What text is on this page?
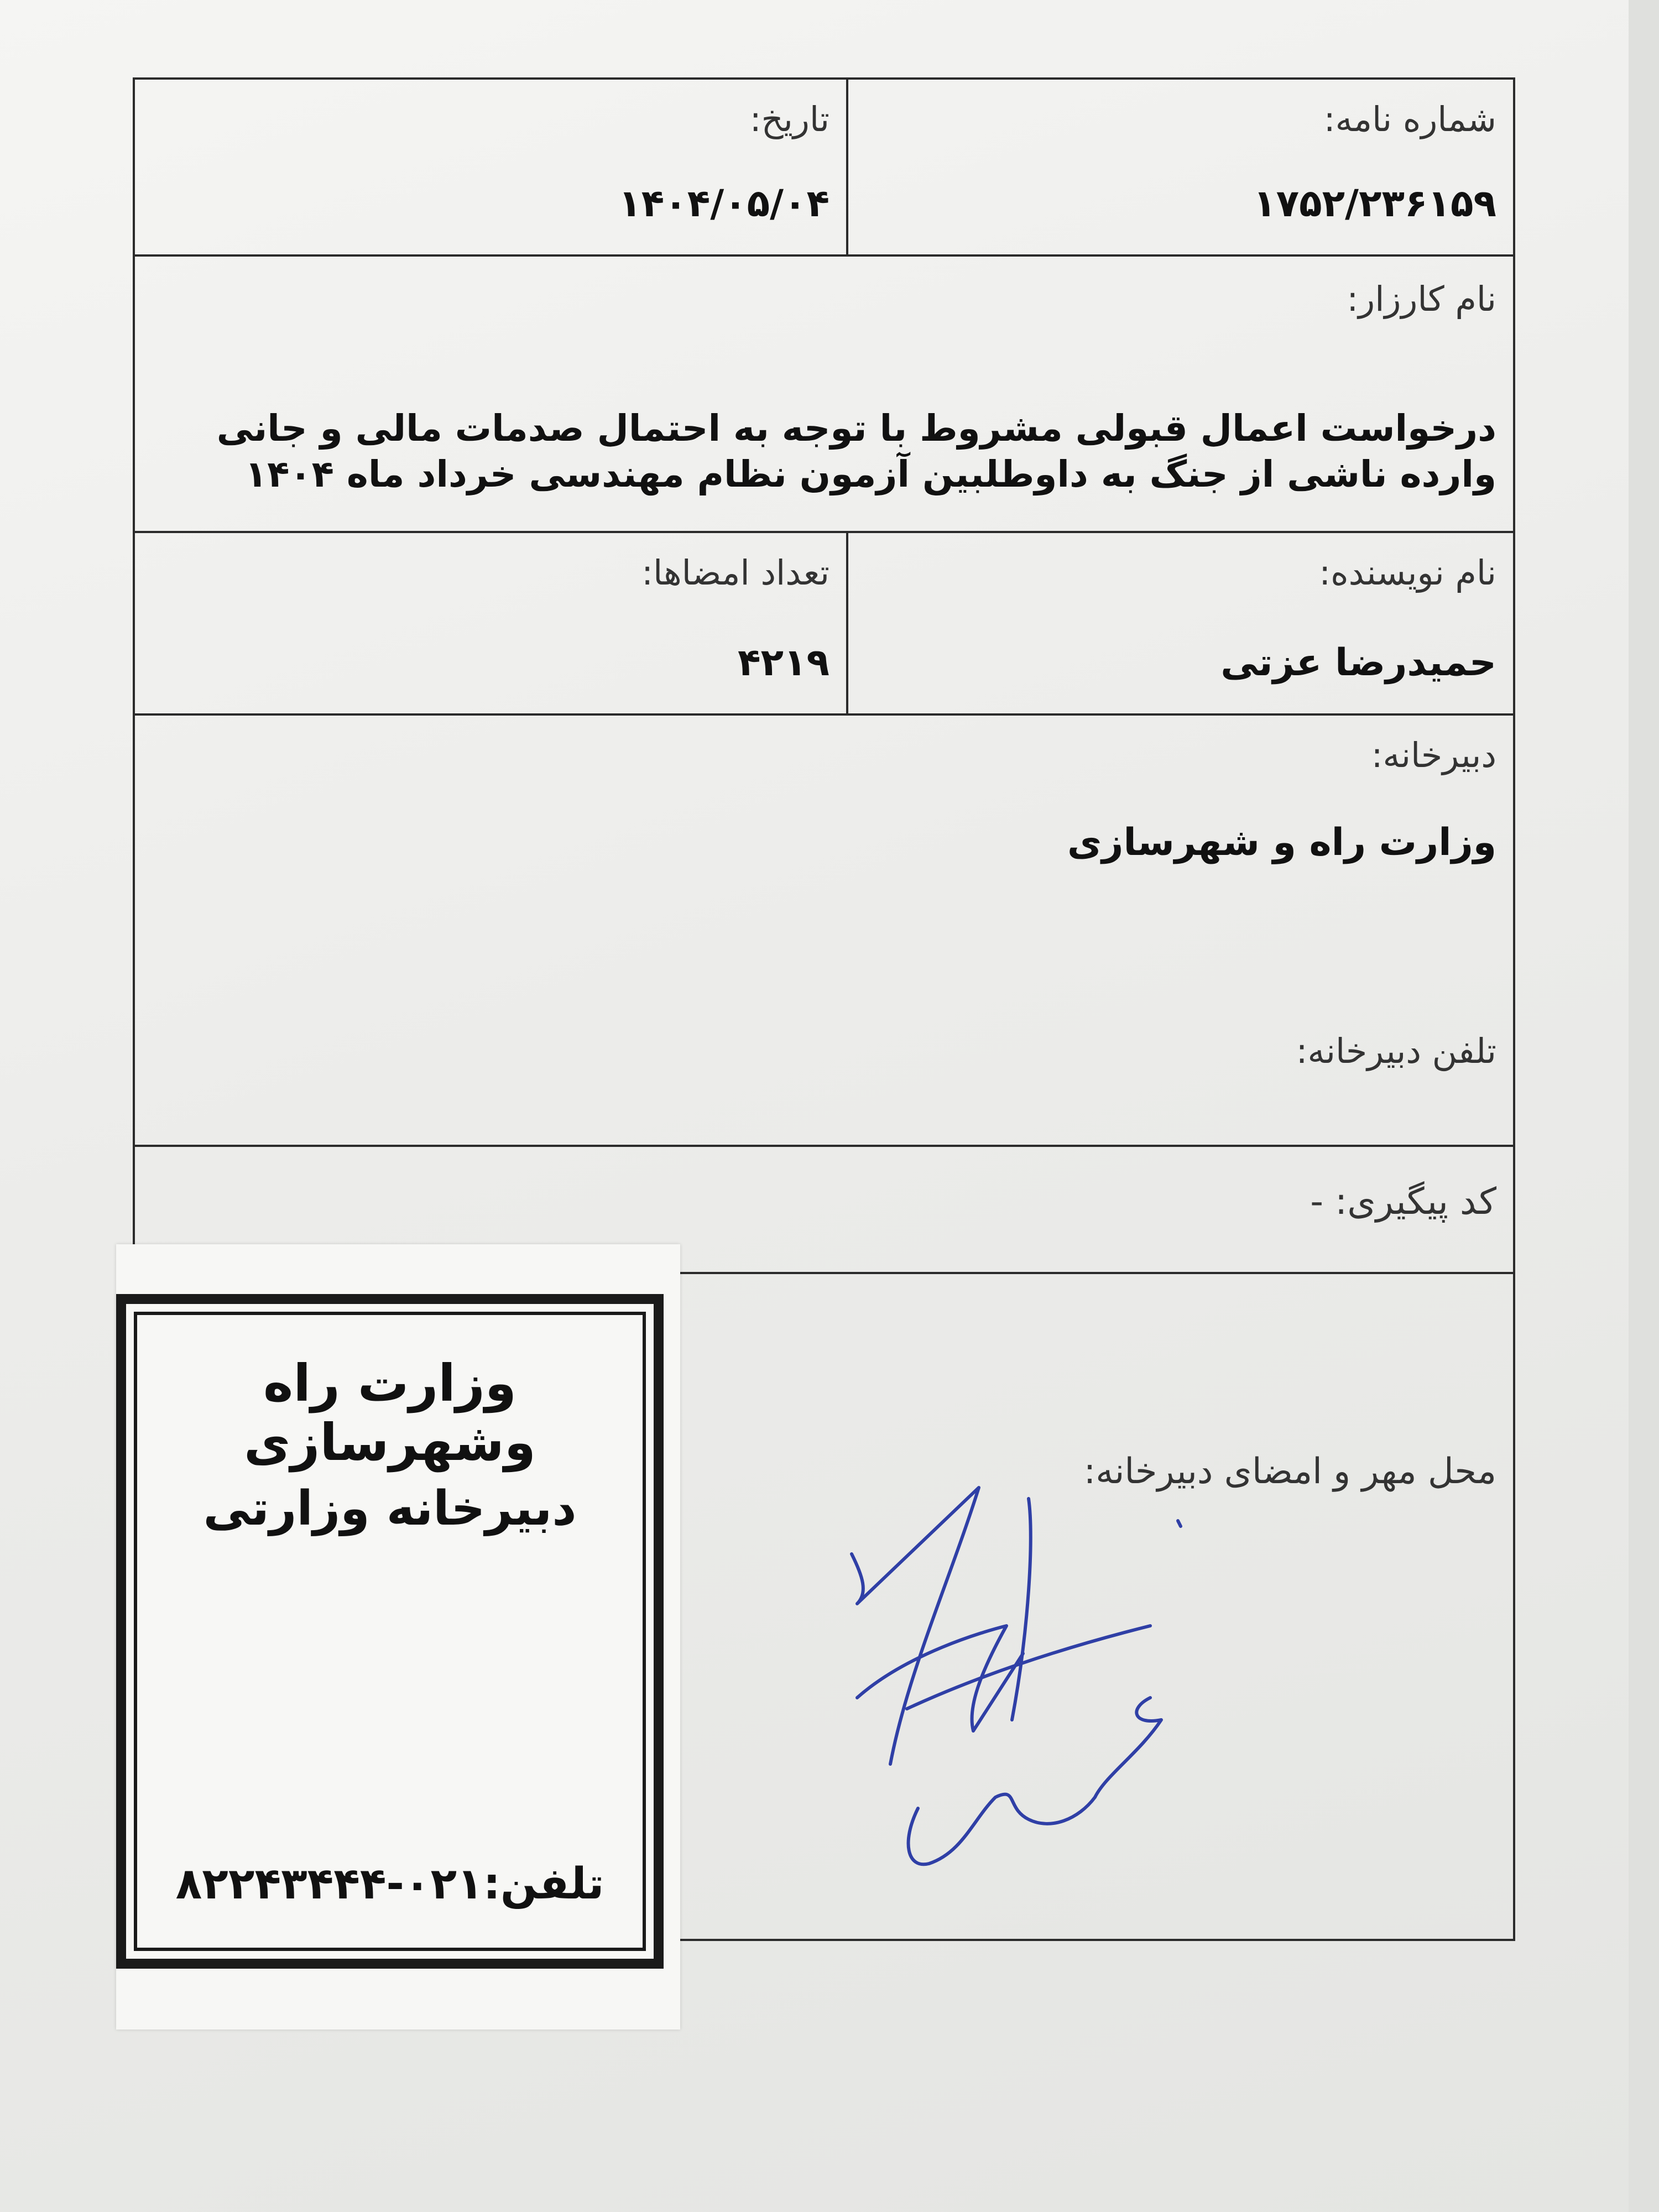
شماره نامه:
۱۷۵۲/۲۳۶۱۵۹
تاریخ:
۱۴۰۴/۰۵/۰۴
نام کارزار:
درخواست اعمال قبولی مشروط با توجه به احتمال صدمات مالی و جانی وارده ناشی از جنگ به داوطلبین آزمون نظام مهندسی خرداد ماه ۱۴۰۴
نام نویسنده:
حمیدرضا عزتی
تعداد امضاها:
۴۲۱۹
دبیرخانه:
وزارت راه و شهرسازی
تلفن دبیرخانه:
کد پیگیری: -
محل مهر و امضای دبیرخانه:
وزارت راه وشهرسازی
دبیرخانه وزارتی
تلفن:۰۲۱-۸۲۲۴۳۴۴۴
